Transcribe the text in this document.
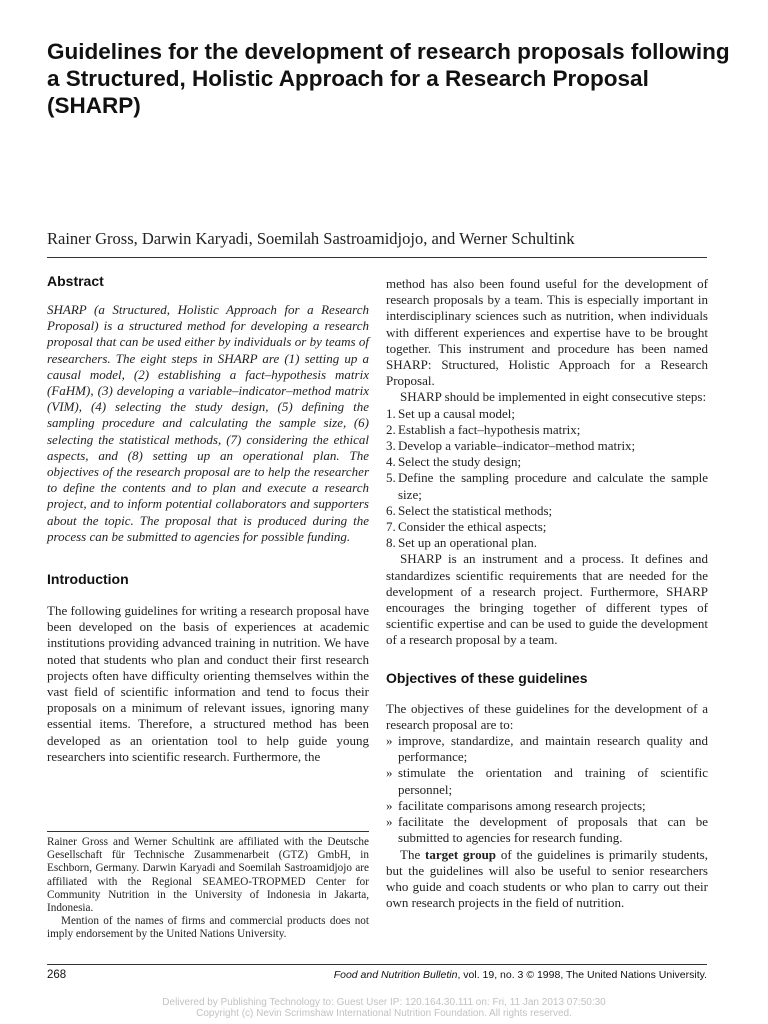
Guidelines for the development of research proposals following a Structured, Holistic Approach for a Research Proposal (SHARP)
Rainer Gross, Darwin Karyadi, Soemilah Sastroamidjojo, and Werner Schultink
Abstract

SHARP (a Structured, Holistic Approach for a Research Proposal) is a structured method for developing a research proposal that can be used either by individuals or by teams of researchers. The eight steps in SHARP are (1) setting up a causal model, (2) establishing a fact–hypothesis matrix (FaHM), (3) developing a variable–indicator–method matrix (VIM), (4) selecting the study design, (5) defining the sampling procedure and calculating the sample size, (6) selecting the statistical methods, (7) considering the ethical aspects, and (8) setting up an operational plan. The objectives of the research proposal are to help the researcher to define the contents and to plan and execute a research project, and to inform potential collaborators and supporters about the topic. The proposal that is produced during the process can be submitted to agencies for possible funding.

Introduction

The following guidelines for writing a research proposal have been developed on the basis of experiences at academic institutions providing advanced training in nutrition. We have noted that students who plan and conduct their first research projects often have difficulty orienting themselves within the vast field of scientific information and tend to focus their proposals on a minimum of relevant issues, ignoring many essential items. Therefore, a structured method has been developed as an orientation tool to help guide young researchers into scientific research. Furthermore, the

method has also been found useful for the development of research proposals by a team. This is especially important in interdisciplinary sciences such as nutrition, when individuals with different experiences and expertise have to be brought together. This instrument and procedure has been named SHARP: Structured, Holistic Approach for a Research Proposal.

SHARP should be implemented in eight consecutive steps:

1. Set up a causal model;
2. Establish a fact–hypothesis matrix;
3. Develop a variable–indicator–method matrix;
4. Select the study design;
5. Define the sampling procedure and calculate the sample size;
6. Select the statistical methods;
7. Consider the ethical aspects;
8. Set up an operational plan.

SHARP is an instrument and a process. It defines and standardizes scientific requirements that are needed for the development of a research project. Furthermore, SHARP encourages the bringing together of different types of scientific expertise and can be used to guide the development of a research proposal by a team.

Objectives of these guidelines

The objectives of these guidelines for the development of a research proposal are to:

» improve, standardize, and maintain research quality and performance;
» stimulate the orientation and training of scientific personnel;
» facilitate comparisons among research projects;
» facilitate the development of proposals that can be submitted to agencies for research funding.

The target group of the guidelines is primarily students, but the guidelines will also be useful to senior researchers who guide and coach students or who plan to carry out their own research projects in the field of nutrition.

Rainer Gross and Werner Schultink are affiliated with the Deutsche Gesellschaft für Technische Zusammenarbeit (GTZ) GmbH, in Eschborn, Germany. Darwin Karyadi and Soemilah Sastroamidjojo are affiliated with the Regional SEAMEO-TROPMED Center for Community Nutrition in the University of Indonesia in Jakarta, Indonesia.

Mention of the names of firms and commercial products does not imply endorsement by the United Nations University.

268	Food and Nutrition Bulletin, vol. 19, no. 3 © 1998, The United Nations University.
Delivered by Publishing Technology to: Guest User IP: 120.164.30.111 on: Fri, 11 Jan 2013 07:50:30
Copyright (c) Nevin Scrimshaw International Nutrition Foundation. All rights reserved.
